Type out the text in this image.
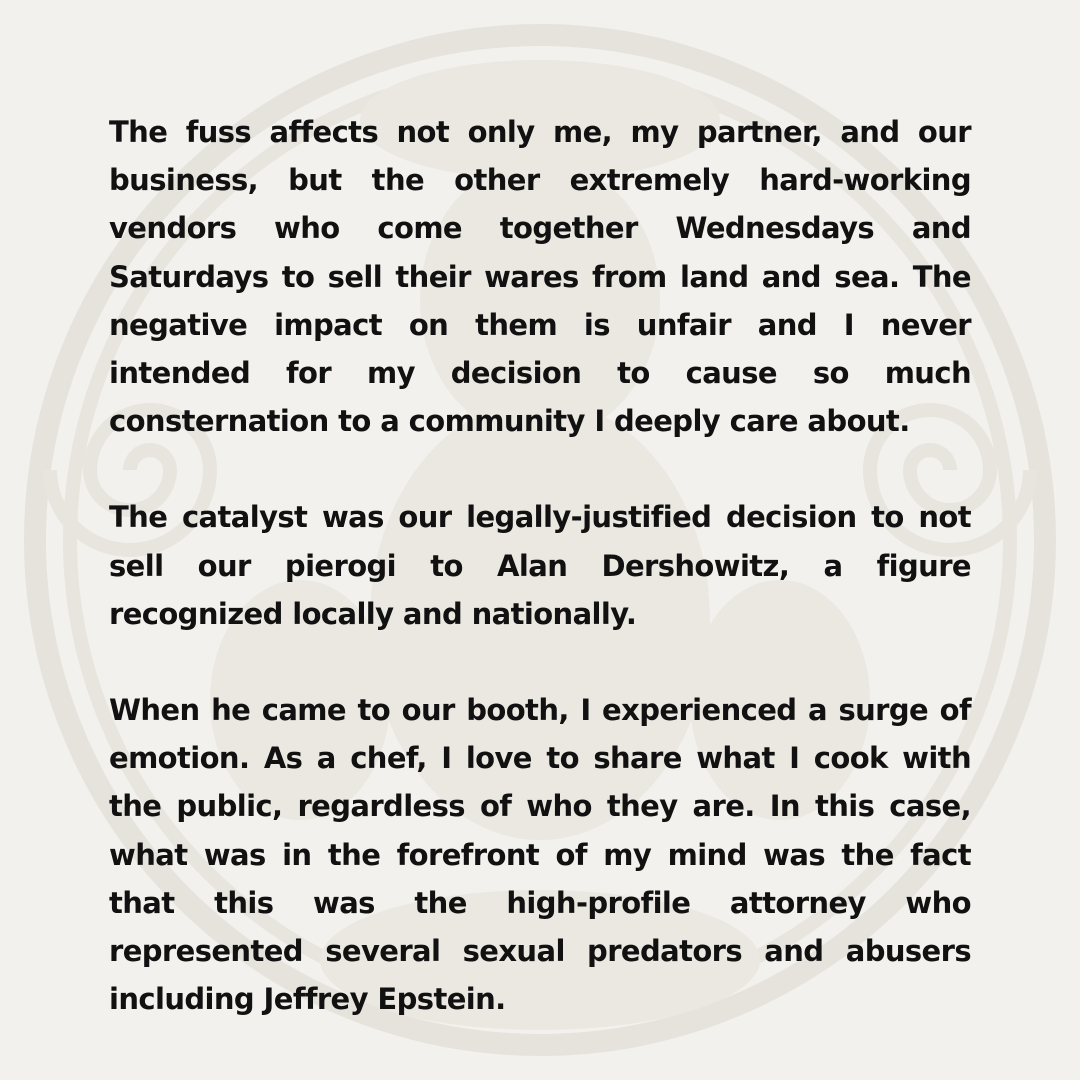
The fuss affects not only me, my partner, and our business, but the other extremely hard-working vendors who come together Wednesdays and Saturdays to sell their wares from land and sea. The negative impact on them is unfair and I never intended for my decision to cause so much consternation to a community I deeply care about.

The catalyst was our legally-justified decision to not sell our pierogi to Alan Dershowitz, a figure recognized locally and nationally.

When he came to our booth, I experienced a surge of emotion. As a chef, I love to share what I cook with the public, regardless of who they are. In this case, what was in the forefront of my mind was the fact that this was the high-profile attorney who represented several sexual predators and abusers including Jeffrey Epstein.
